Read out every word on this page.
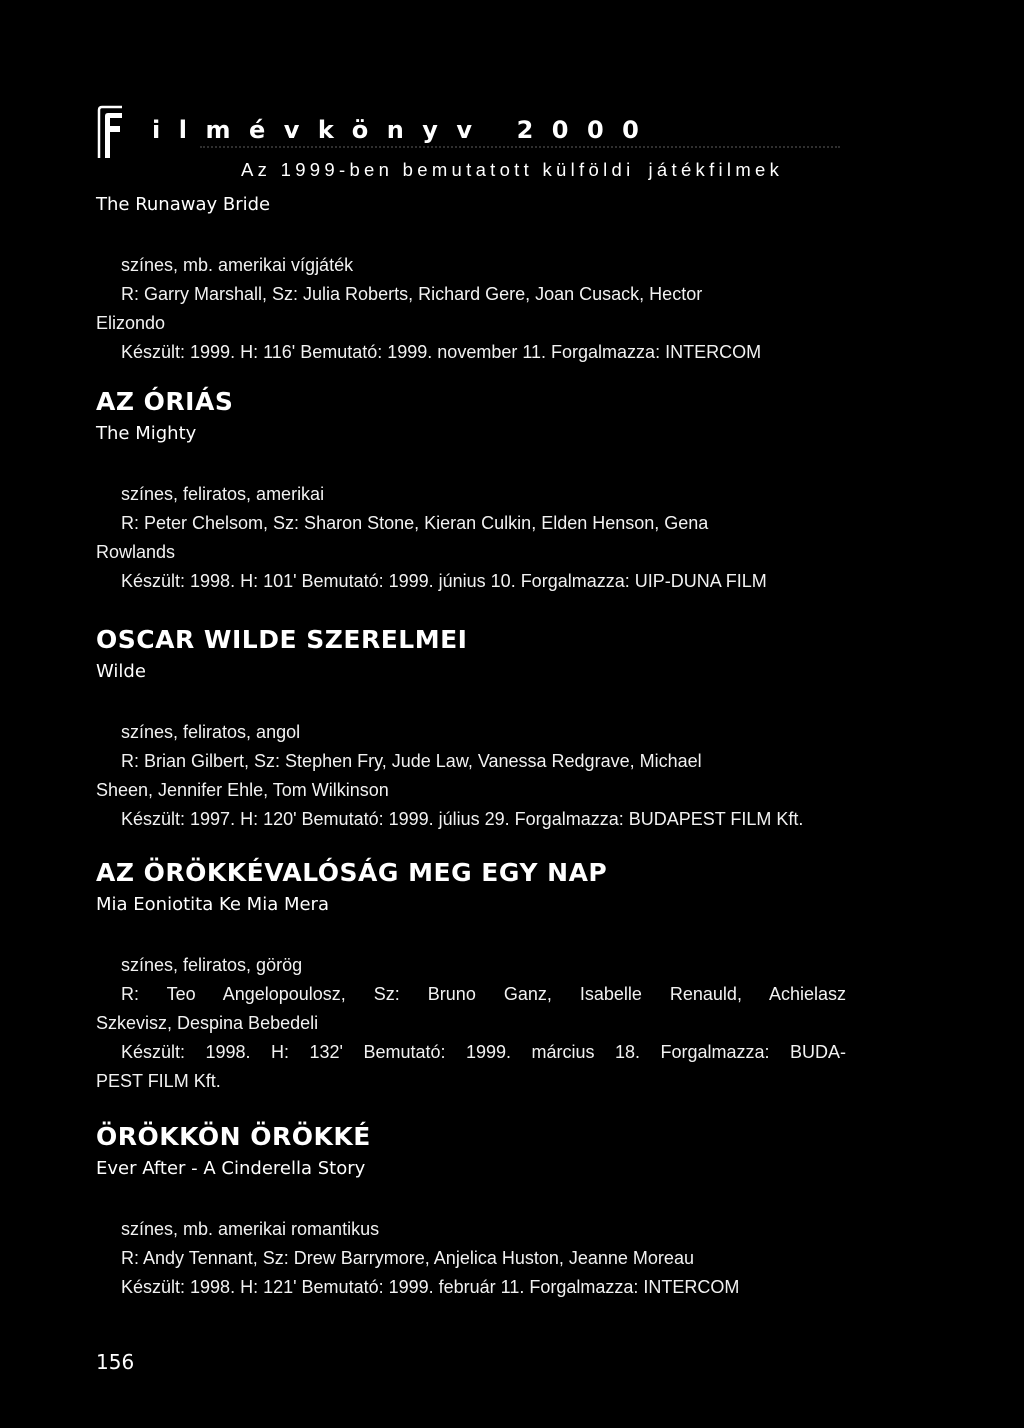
ilmévkönyv 2000
Az 1999-ben bemutatott külföldi játékfilmek
The Runaway Bride
színes, mb. amerikai vígjáték
R: Garry Marshall, Sz: Julia Roberts, Richard Gere, Joan Cusack, Hector
Elizondo
Készült: 1999. H: 116' Bemutató: 1999. november 11. Forgalmazza: INTERCOM
AZ ÓRIÁS
The Mighty
színes, feliratos, amerikai
R: Peter Chelsom, Sz: Sharon Stone, Kieran Culkin, Elden Henson, Gena
Rowlands
Készült: 1998. H: 101' Bemutató: 1999. június 10. Forgalmazza: UIP-DUNA FILM
OSCAR WILDE SZERELMEI
Wilde
színes, feliratos, angol
R: Brian Gilbert, Sz: Stephen Fry, Jude Law, Vanessa Redgrave, Michael
Sheen, Jennifer Ehle, Tom Wilkinson
Készült: 1997. H: 120' Bemutató: 1999. július 29. Forgalmazza: BUDAPEST FILM Kft.
AZ ÖRÖKKÉVALÓSÁG MEG EGY NAP
Mia Eoniotita Ke Mia Mera
színes, feliratos, görög
R: Teo Angelopoulosz, Sz: Bruno Ganz, Isabelle Renauld, Achielasz
Szkevisz, Despina Bebedeli
Készült: 1998. H: 132' Bemutató: 1999. március 18. Forgalmazza: BUDA-
PEST FILM Kft.
ÖRÖKKÖN ÖRÖKKÉ
Ever After - A Cinderella Story
színes, mb. amerikai romantikus
R: Andy Tennant, Sz: Drew Barrymore, Anjelica Huston, Jeanne Moreau
Készült: 1998. H: 121' Bemutató: 1999. február 11. Forgalmazza: INTERCOM
156
